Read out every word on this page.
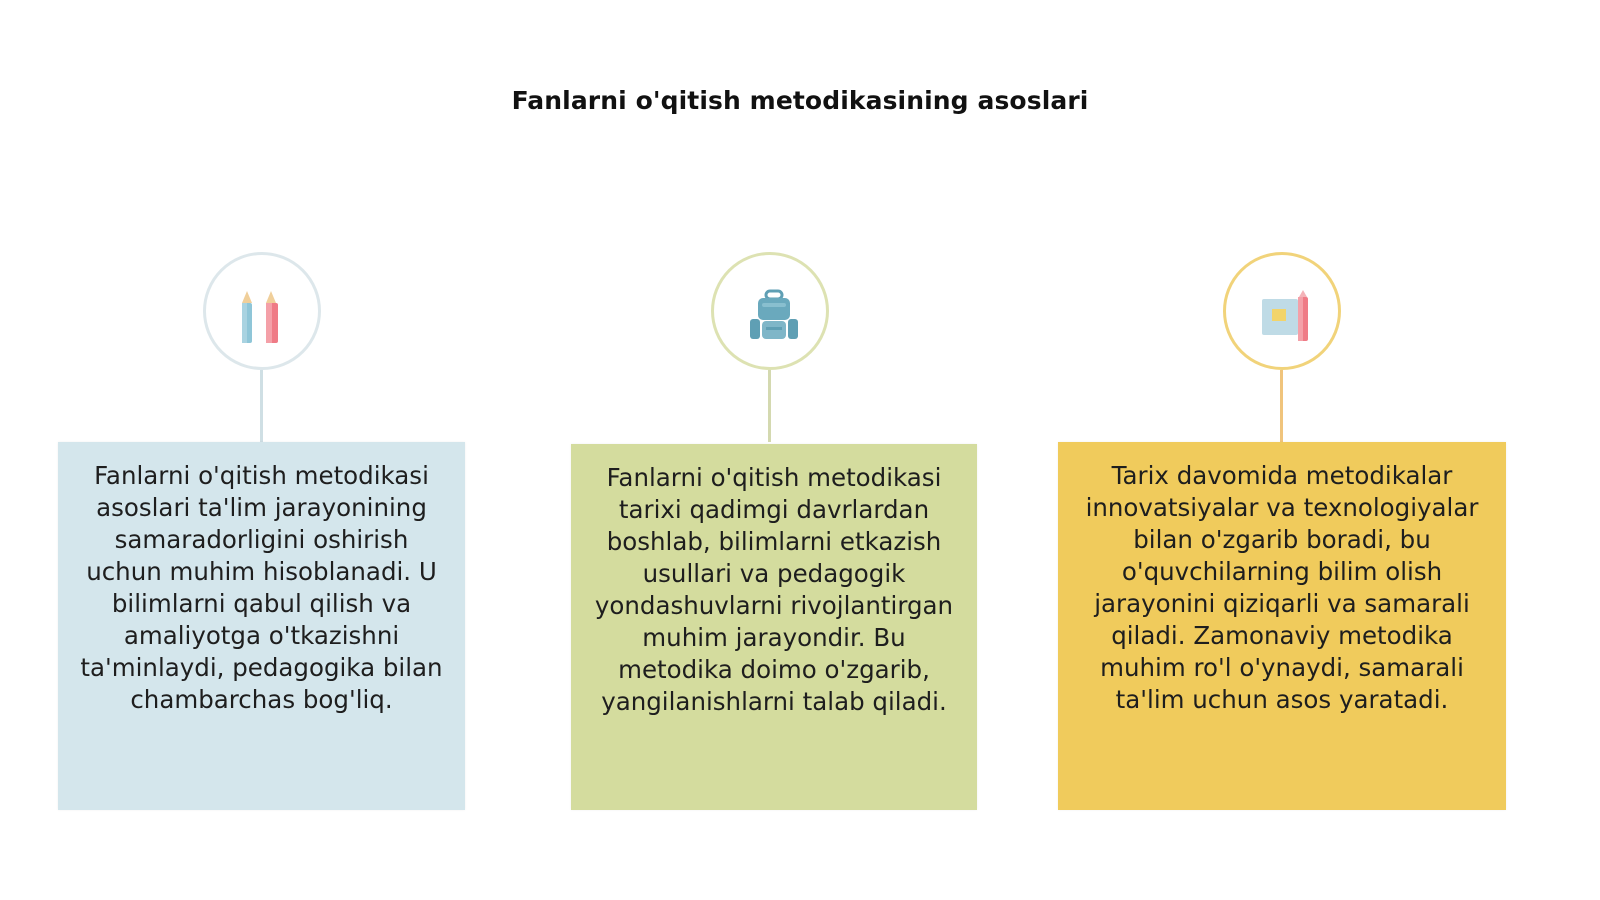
Fanlarni o'qitish metodikasining asoslari
Fanlarni o'qitish metodikasi asoslari ta'lim jarayonining samaradorligini oshirish uchun muhim hisoblanadi. U bilimlarni qabul qilish va amaliyotga o'tkazishni ta'minlaydi, pedagogika bilan chambarchas bog'liq.
Fanlarni o'qitish metodikasi tarixi qadimgi davrlardan boshlab, bilimlarni etkazish usullari va pedagogik yondashuvlarni rivojlantirgan muhim jarayondir. Bu metodika doimo o'zgarib, yangilanishlarni talab qiladi.
Tarix davomida metodikalar innovatsiyalar va texnologiyalar bilan o'zgarib boradi, bu o'quvchilarning bilim olish jarayonini qiziqarli va samarali qiladi. Zamonaviy metodika muhim ro'l o'ynaydi, samarali ta'lim uchun asos yaratadi.
